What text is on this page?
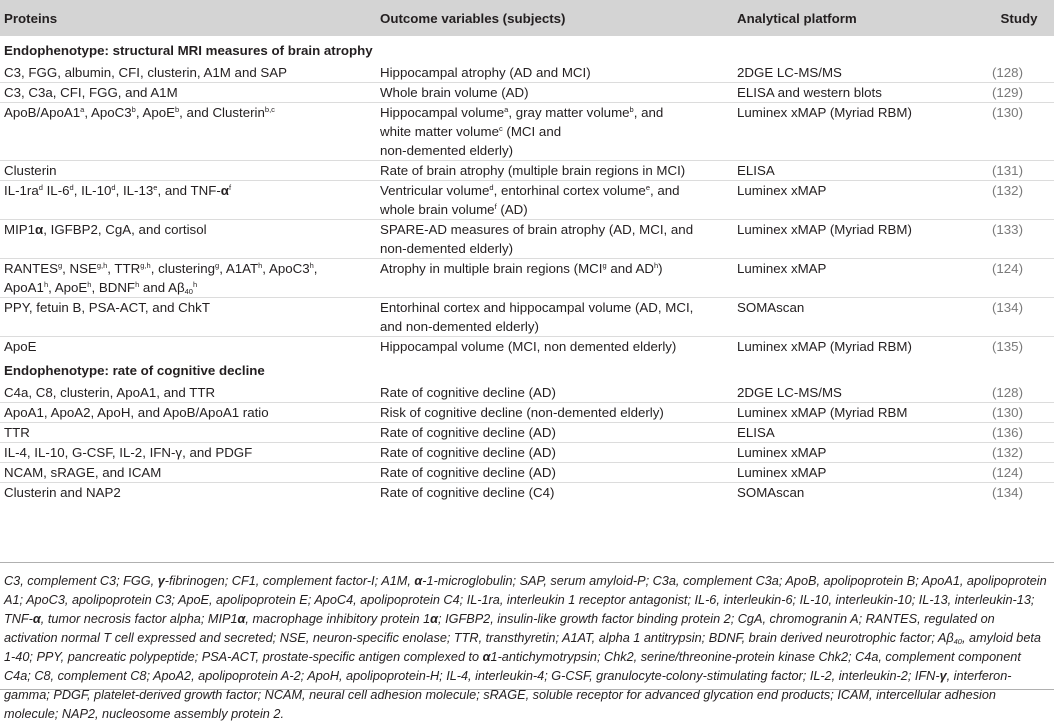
Proteins	Outcome variables (subjects)	Analytical platform	Study
Endophenotype: structural MRI measures of brain atrophy			
C3, FGG, albumin, CFI, clusterin, A1M and SAP	Hippocampal atrophy (AD and MCI)	2DGE LC-MS/MS	(128)
C3, C3a, CFI, FGG, and A1M	Whole brain volume (AD)	ELISA and western blots	(129)
ApoB/ApoA1$^a$, ApoC3$^b$, ApoE$^b$, and Clusterin$^{b,c}$	Hippocampal volume$^a$, gray matter volume$^b$, and
white matter volume$^c$ (MCI and
non-demented elderly)	Luminex xMAP (Myriad RBM)	(130)
Clusterin	Rate of brain atrophy (multiple brain regions in MCI)	ELISA	(131)
$IL-1ra^d$ IL-6$^d$, IL-10$^d$, IL-13e, and TNF-$\alpha^f$	Ventricular volume$^d$, entorhinal cortex volume$^e$, and
whole brain volume$^f$ (AD)	Luminex xMAP	(132)
MIP1α, IGFBP2, CgA, and cortisol	SPARE-AD measures of brain atrophy (AD, MCI, and
non-demented elderly)	Luminex xMAP (Myriad RBM)	(133)
RANTES$^g$, NSE$^{g,h}$, TTR$^{g,h}$, clustering$^g$, $A1AT^h$, ApoC3$^h$,
ApoA1$^h$, ApoE$^h$, BDNF$^h$ and $A\beta_{40}^h$	Atrophy in multiple brain regions (MCI$^g$ and $AD^h$)	Luminex xMAP	(124)
PPY, fetuin B, PSA-ACT, and ChkT	Entorhinal cortex and hippocampal volume (AD, MCI,
and non-demented elderly)	SOMAscan	(134)
ApoE	Hippocampal volume (MCI, non demented elderly)	Luminex xMAP (Myriad RBM)	(135)
Endophenotype: rate of cognitive decline			
C4a, C8, clusterin, ApoA1, and TTR	Rate of cognitive decline (AD)	2DGE LC-MS/MS	(128)
ApoA1, ApoA2, ApoH, and ApoB/ApoA1 ratio	Risk of cognitive decline (non-demented elderly)	Luminex xMAP (Myriad RBM	(130)
TTR	Rate of cognitive decline (AD)	ELISA	(136)
IL-4, IL-10, G-CSF, IL-2, IFN-γ, and PDGF	Rate of cognitive decline (AD)	Luminex xMAP	(132)
NCAM, sRAGE, and ICAM	Rate of cognitive decline (AD)	Luminex xMAP	(124)
Clusterin and NAP2	Rate of cognitive decline (C4)	SOMAscan	(134)

C3, complement C3; FGG, γ-fibrinogen; CF1, complement factor-I; A1M, α-1-microglobulin; SAP, serum amyloid-P; C3a, complement C3a; ApoB, apolipoprotein B; ApoA1, apolipoprotein A1; ApoC3, apolipoprotein C3; ApoE, apolipoprotein E; ApoC4, apolipoprotein C4; IL-1ra, interleukin 1 receptor antagonist; IL-6, interleukin-6; IL-10, interleukin-10; IL-13, interleukin-13; TNF-α, tumor necrosis factor alpha; MIP1α, macrophage inhibitory protein 1α; IGFBP2, insulin-like growth factor binding protein 2; CgA, chromogranin A; RANTES, regulated on activation normal T cell expressed and secreted; NSE, neuron-specific enolase; TTR, transthyretin; A1AT, alpha 1 antitrypsin; BDNF, brain derived neurotrophic factor; $A\beta_{40}$, amyloid beta 1-40; PPY, pancreatic polypeptide; PSA-ACT, prostate-specific antigen complexed to α1-antichymotrypsin; Chk2, serine/threonine-protein kinase Chk2; C4a, complement component C4a; C8, complement C8; ApoA2, apolipoprotein A-2; ApoH, apolipoprotein-H; IL-4, interleukin-4; G-CSF, granulocyte-colony-stimulating factor; IL-2, interleukin-2; IFN-γ, interferon-gamma; PDGF, platelet-derived growth factor; NCAM, neural cell adhesion molecule; sRAGE, soluble receptor for advanced glycation end products; ICAM, intercellular adhesion molecule; NAP2, nucleosome assembly protein 2.
